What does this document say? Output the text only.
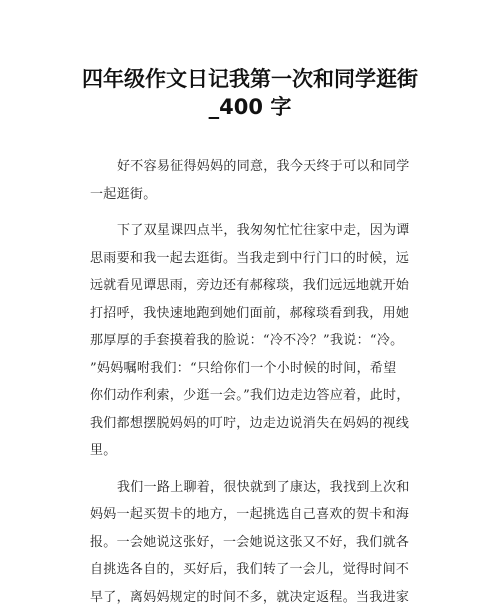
四年级作文日记我第一次和同学逛街
_400 字
好不容易征得妈妈的同意，我今天终于可以和同学
一起逛街。
下了双星课四点半，我匆匆忙忙往家中走，因为谭
思雨要和我一起去逛街。当我走到中行门口的时候，远
远就看见谭思雨，旁边还有郝稼琰，我们远远地就开始
打招呼，我快速地跑到她们面前，郝稼琰看到我，用她
那厚厚的手套摸着我的脸说：“冷不冷？”我说：“冷。
”妈妈嘱咐我们：“只给你们一个小时候的时间，希望
你们动作利索，少逛一会。”我们边走边答应着，此时，
我们都想摆脱妈妈的叮咛，边走边说消失在妈妈的视线
里。
我们一路上聊着，很快就到了康达，我找到上次和
妈妈一起买贺卡的地方，一起挑选自己喜欢的贺卡和海
报。一会她说这张好，一会她说这张又不好，我们就各
自挑选各自的，买好后，我们转了一会儿，觉得时间不
早了，离妈妈规定的时间不多，就决定返程。当我进家
